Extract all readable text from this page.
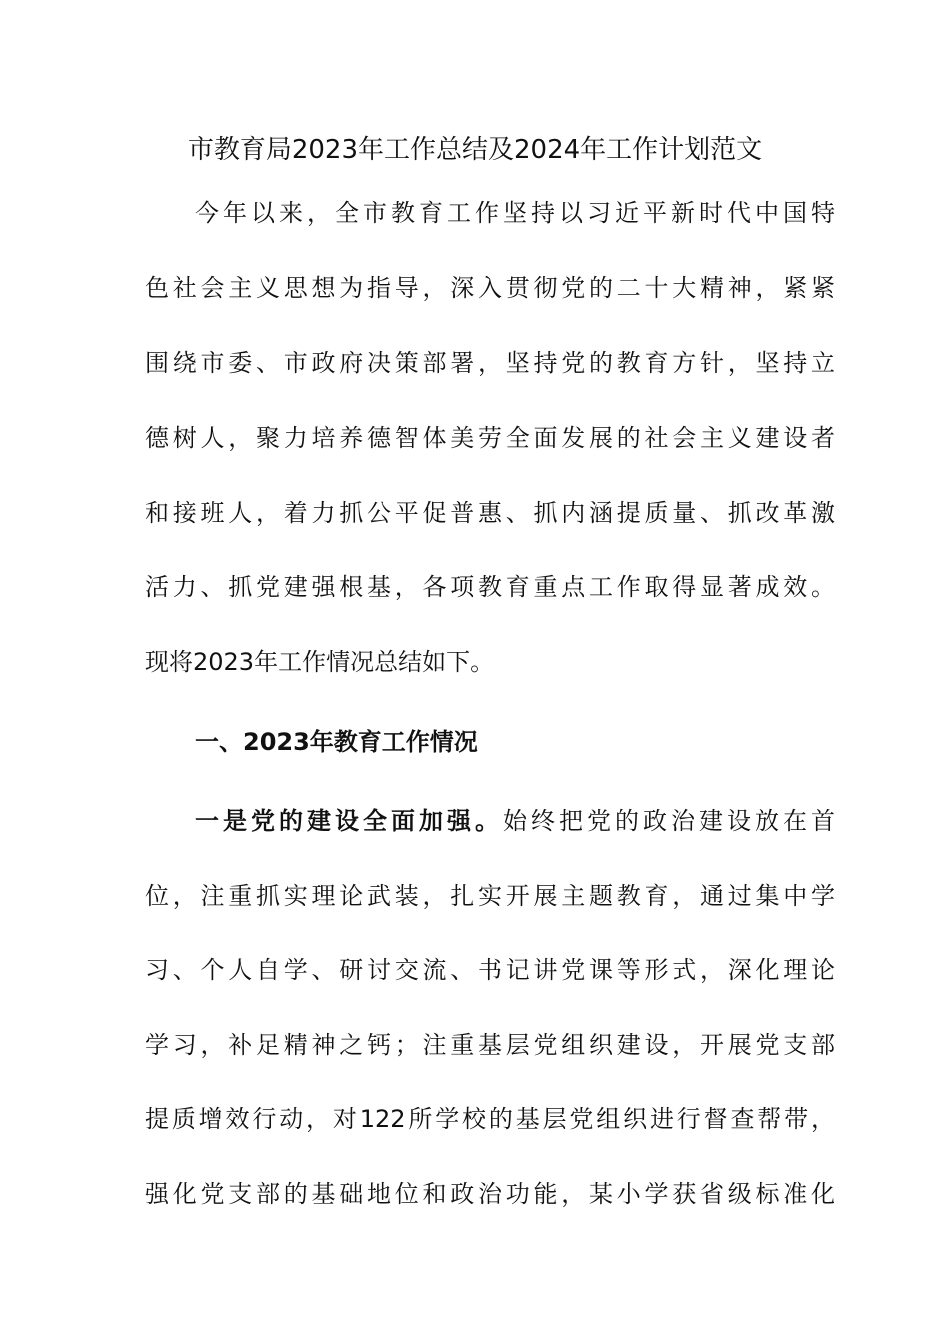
市教育局2023年工作总结及2024年工作计划范文
今年以来，全市教育工作坚持以习近平新时代中国特
色社会主义思想为指导，深入贯彻党的二十大精神，紧紧
围绕市委、市政府决策部署，坚持党的教育方针，坚持立
德树人，聚力培养德智体美劳全面发展的社会主义建设者
和接班人，着力抓公平促普惠、抓内涵提质量、抓改革激
活力、抓党建强根基，各项教育重点工作取得显著成效。
现将2023年工作情况总结如下。
一、2023年教育工作情况
一是党的建设全面加强。始终把党的政治建设放在首
位，注重抓实理论武装，扎实开展主题教育，通过集中学
习、个人自学、研讨交流、书记讲党课等形式，深化理论
学习，补足精神之钙；注重基层党组织建设，开展党支部
提质增效行动，对122所学校的基层党组织进行督查帮带，
强化党支部的基础地位和政治功能，某小学获省级标准化
